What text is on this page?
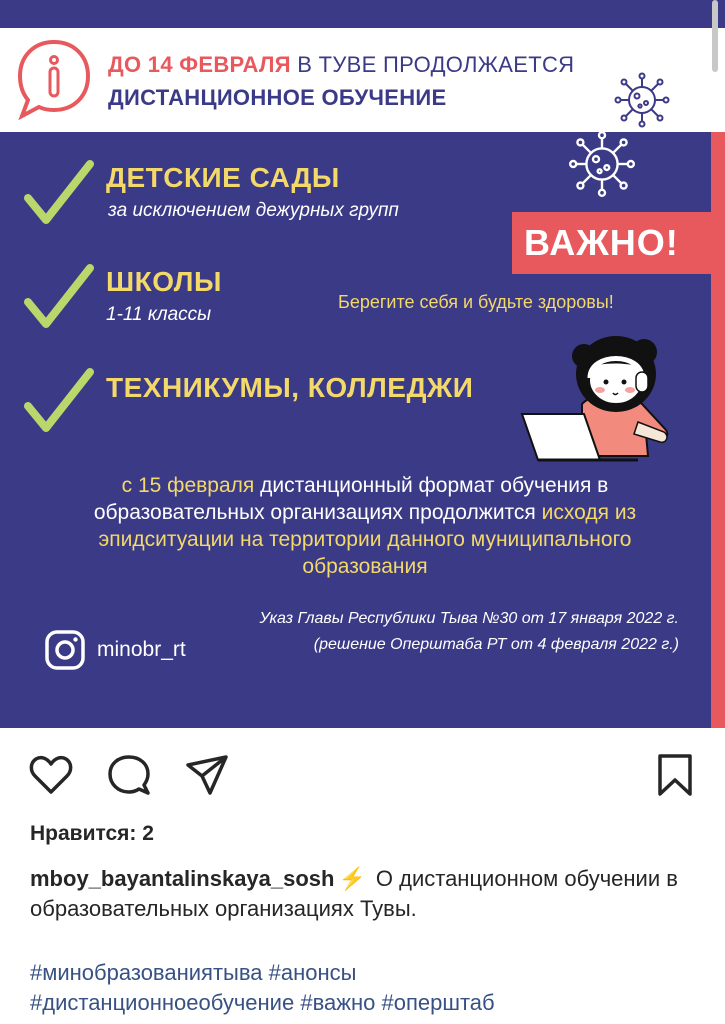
ДО 14 ФЕВРАЛЯ В ТУВЕ ПРОДОЛЖАЕТСЯ
ДИСТАНЦИОННОЕ ОБУЧЕНИЕ
ДЕТСКИЕ САДЫ
за исключением дежурных групп
ШКОЛЫ
1-11 классы
ТЕХНИКУМЫ, КОЛЛЕДЖИ
ВАЖНО!
Берегите себя и будьте здоровы!
с 15 февраля дистанционный формат обучения в образовательных организациях продолжится исходя из эпидситуации на территории данного муниципального образования
Указ Главы Республики Тыва №30 от 17 января 2022 г.
(решение Оперштаба РТ от 4 февраля 2022 г.)
minobr_rt
Нравится: 2
mboy_bayantalinskaya_sosh ⚡ О дистанционном обучении в образовательных организациях Тувы.
#минобразованиятыва #анонсы
#дистанционноеобучение #важно #оперштаб
